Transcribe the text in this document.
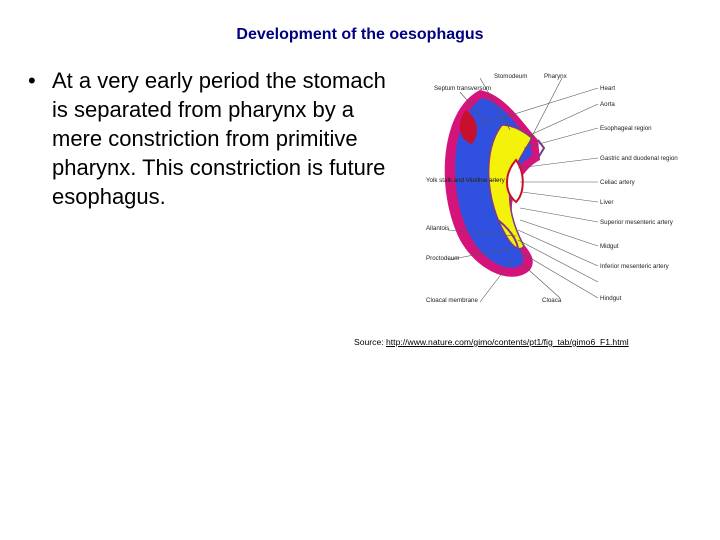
Development of the oesophagus
• At a very early period the stomach is separated from pharynx by a mere constriction from primitive pharynx. This constriction is future esophagus.
Stomodeum	Pharynx
Septum transversum
Yolk stalk and Vitelline artery
Allantois
Proctodeum
Cloacal membrane
Heart
Aorta
Esophageal region
Gastric and duodenal region
Celiac artery
Liver
Superior mesenteric artery
Midgut
Inferior mesenteric artery
Hindgut
Cloaca
Source: http://www.nature.com/gimo/contents/pt1/fig_tab/gimo6_F1.html
